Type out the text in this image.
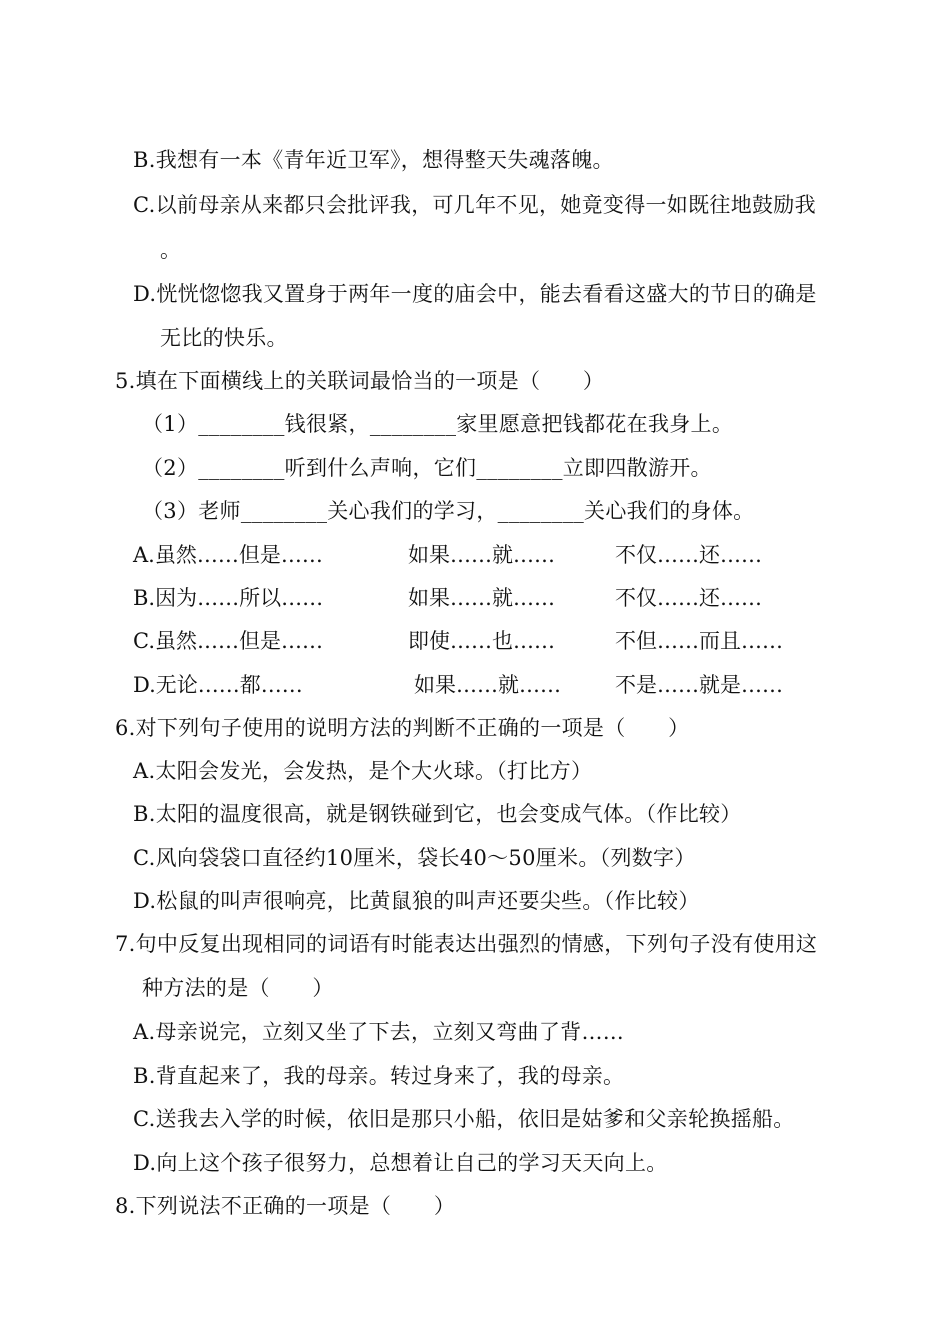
B.我想有一本《青年近卫军》，想得整天失魂落魄。
C.以前母亲从来都只会批评我，可几年不见，她竟变得一如既往地鼓励我
。
D.恍恍惚惚我又置身于两年一度的庙会中，能去看看这盛大的节日的确是
无比的快乐。
5.填在下面横线上的关联词最恰当的一项是（　　）
（1）________钱很紧，________家里愿意把钱都花在我身上。
（2）________听到什么声响，它们________立即四散游开。
（3）老师________关心我们的学习，________关心我们的身体。
A.虽然……但是……	如果……就……	不仅……还……
B.因为……所以……	如果……就……	不仅……还……
C.虽然……但是……	即使……也……	不但……而且……
D.无论……都……	如果……就……	不是……就是……
6.对下列句子使用的说明方法的判断不正确的一项是（　　）
A.太阳会发光，会发热，是个大火球。（打比方）
B.太阳的温度很高，就是钢铁碰到它，也会变成气体。（作比较）
C.风向袋袋口直径约10厘米，袋长40～50厘米。（列数字）
D.松鼠的叫声很响亮，比黄鼠狼的叫声还要尖些。（作比较）
7.句中反复出现相同的词语有时能表达出强烈的情感，下列句子没有使用这
种方法的是（　　）
A.母亲说完，立刻又坐了下去，立刻又弯曲了背……
B.背直起来了，我的母亲。转过身来了，我的母亲。
C.送我去入学的时候，依旧是那只小船，依旧是姑爹和父亲轮换摇船。
D.向上这个孩子很努力，总想着让自己的学习天天向上。
8.下列说法不正确的一项是（　　）
